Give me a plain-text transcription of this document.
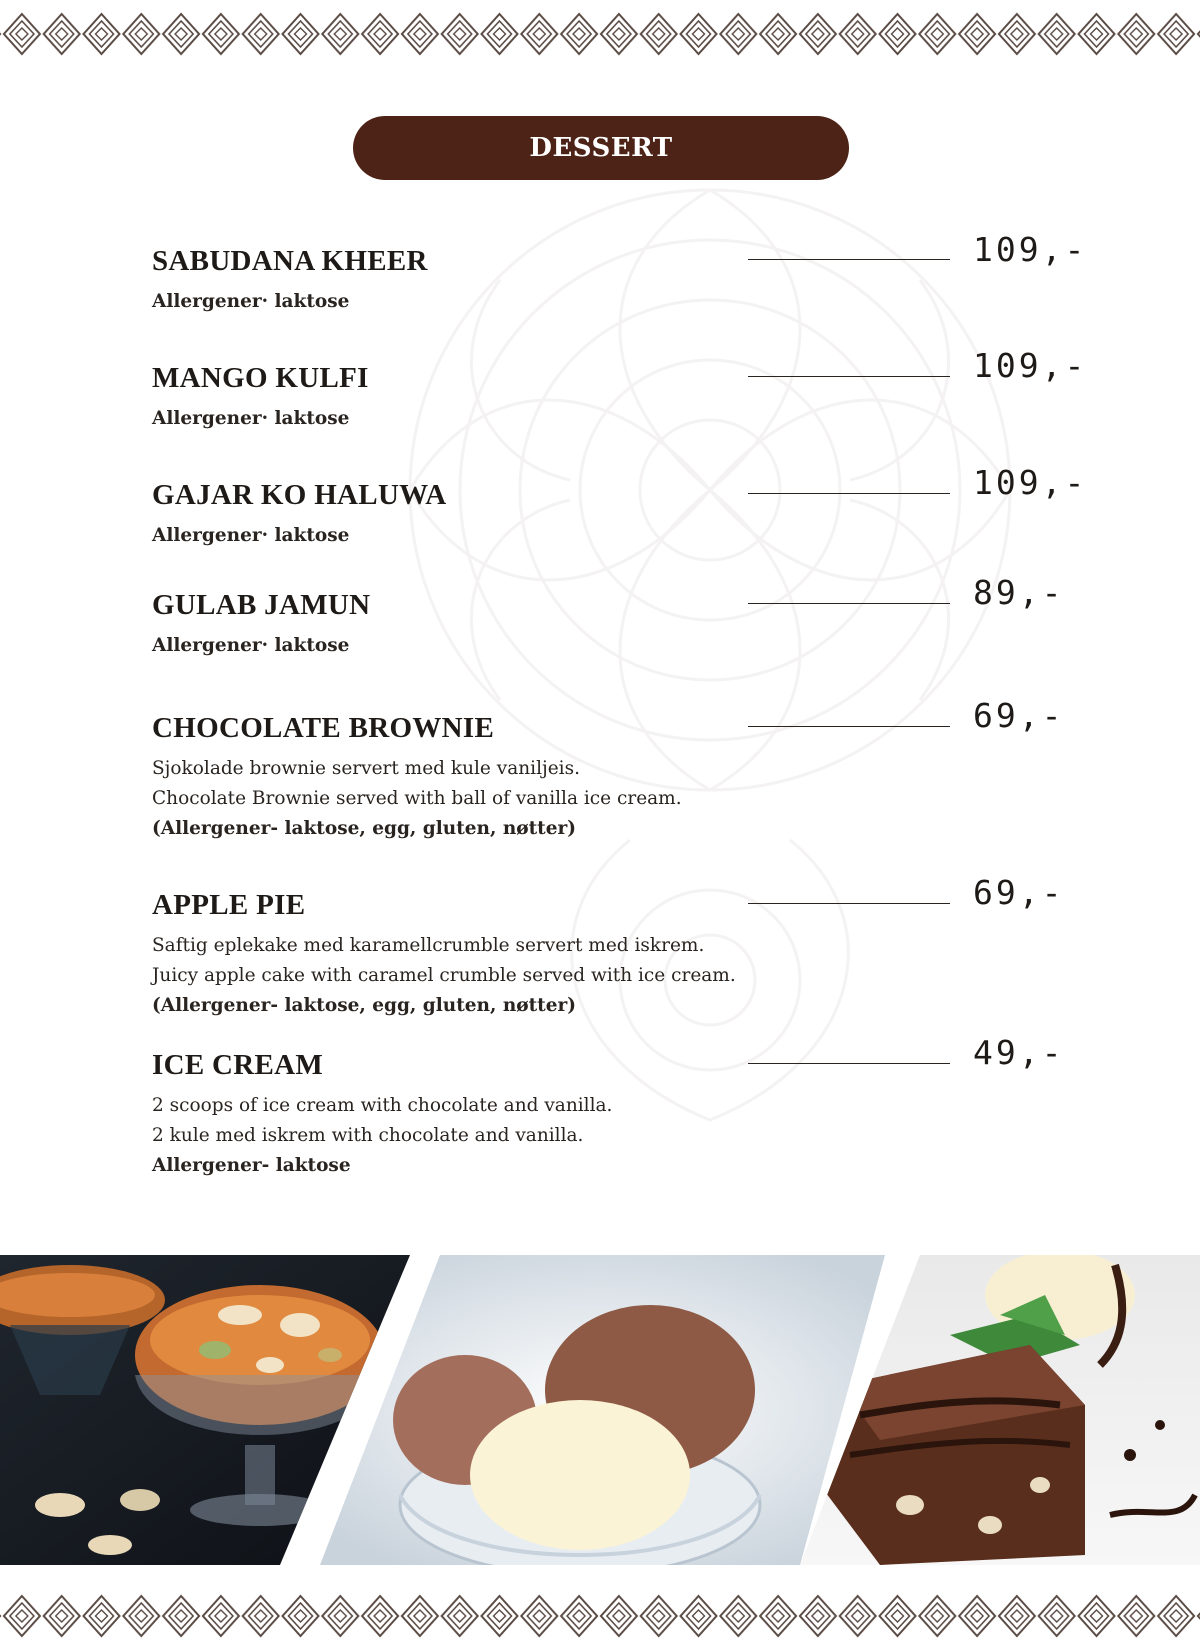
DESSERT
SABUDANA KHEER
Allergener· laktose
109,-
MANGO KULFI
Allergener· laktose
109,-
GAJAR KO HALUWA
Allergener· laktose
109,-
GULAB JAMUN
Allergener· laktose
89,-
CHOCOLATE BROWNIE
Sjokolade brownie servert med kule vaniljeis.
Chocolate Brownie served with ball of vanilla ice cream.
(Allergener- laktose, egg, gluten, nøtter)
69,-
APPLE PIE
Saftig eplekake med karamellcrumble servert med iskrem.
Juicy apple cake with caramel crumble served with ice cream.
(Allergener- laktose, egg, gluten, nøtter)
69,-
ICE CREAM
2 scoops of ice cream with chocolate and vanilla.
2 kule med iskrem with chocolate and vanilla.
Allergener- laktose
49,-
